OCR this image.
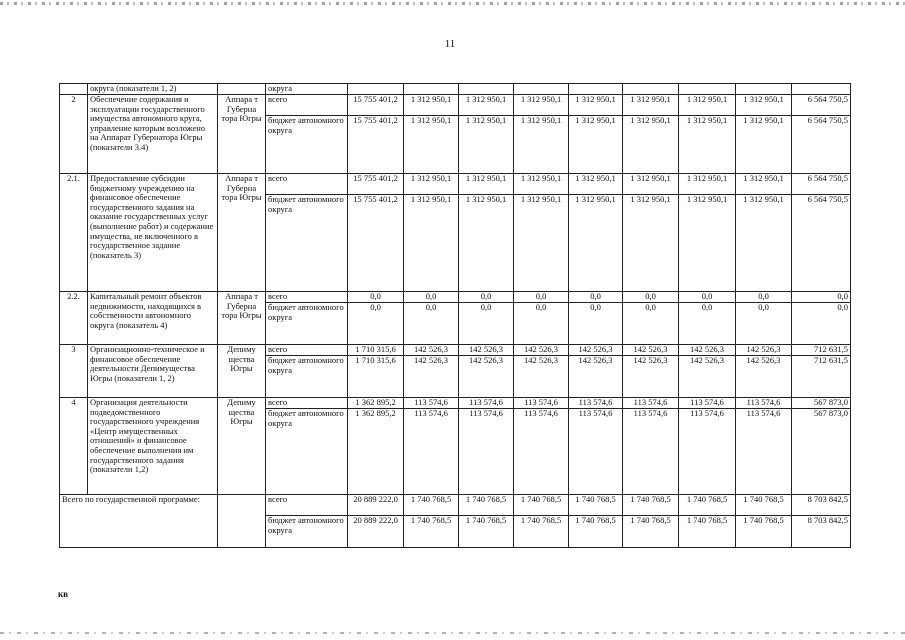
11
	округа (показатели 1, 2)		округа									
2	Обеспечение содержания и эксплуатации государственного имущества автономного круга, управление которым возложено на Аппарат Губернатора Югры (показатели 3.4)	Аппара т Губерна тора Югры	всего	15 755 401,2	1 312 950,1	1 312 950,1	1 312 950,1	1 312 950,1	1 312 950,1	1 312 950,1	1 312 950,1	6 564 750,5
			бюджет автономного округа	15 755 401,2	1 312 950,1	1 312 950,1	1 312 950,1	1 312 950,1	1 312 950,1	1 312 950,1	1 312 950,1	6 564 750,5
2.1.	Предоставление субсидии бюджетному учреждению на финансовое обеспечение государственного задания на оказание государственных услуг (выполнение работ) и содержание имущества, не включенного в государственное задание (показатель 3)	Аппара т Губерна тора Югры	всего	15 755 401,2	1 312 950,1	1 312 950,1	1 312 950,1	1 312 950,1	1 312 950,1	1 312 950,1	1 312 950,1	6 564 750,5
			бюджет автономного округа	15 755 401,2	1 312 950,1	1 312 950,1	1 312 950,1	1 312 950,1	1 312 950,1	1 312 950,1	1 312 950,1	6 564 750,5
2.2.	Капитальный ремонт объектов недвижимости, находящихся в собственности автономного округа (показатель 4)	Аппара т Губерна тора Югры	всего	0,0	0,0	0,0	0,0	0,0	0,0	0,0	0,0	0,0
			бюджет автономного округа	0,0	0,0	0,0	0,0	0,0	0,0	0,0	0,0	0,0
3	Организационно-техническое и финансовое обеспечение деятельности Депимущества Югры (показатели 1, 2)	Депиму щества Югры	всего	1 710 315,6	142 526,3	142 526,3	142 526,3	142 526,3	142 526,3	142 526,3	142 526,3	712 631,5
			бюджет автономного округа	1 710 315,6	142 526,3	142 526,3	142 526,3	142 526,3	142 526,3	142 526,3	142 526,3	712 631,5
4	Организация деятельности подведомственного государственного учреждения «Центр имущественных отношений» и финансовое обеспечение выполнения им государственного задания (показатели 1,2)	Депиму щества Югры	всего	1 362 895,2	113 574,6	113 574,6	113 574,6	113 574,6	113 574,6	113 574,6	113 574,6	567 873,0
			бюджет автономного округа	1 362 895,2	113 574,6	113 574,6	113 574,6	113 574,6	113 574,6	113 574,6	113 574,6	567 873,0
Всего по государственной программе:			всего	20 889 222,0	1 740 768,5	1 740 768,5	1 740 768,5	1 740 768,5	1 740 768,5	1 740 768,5	1 740 768,5	8 703 842,5
			бюджет автономного округа	20 889 222,0	1 740 768,5	1 740 768,5	1 740 768,5	1 740 768,5	1 740 768,5	1 740 768,5	1 740 768,5	8 703 842,5
кв
